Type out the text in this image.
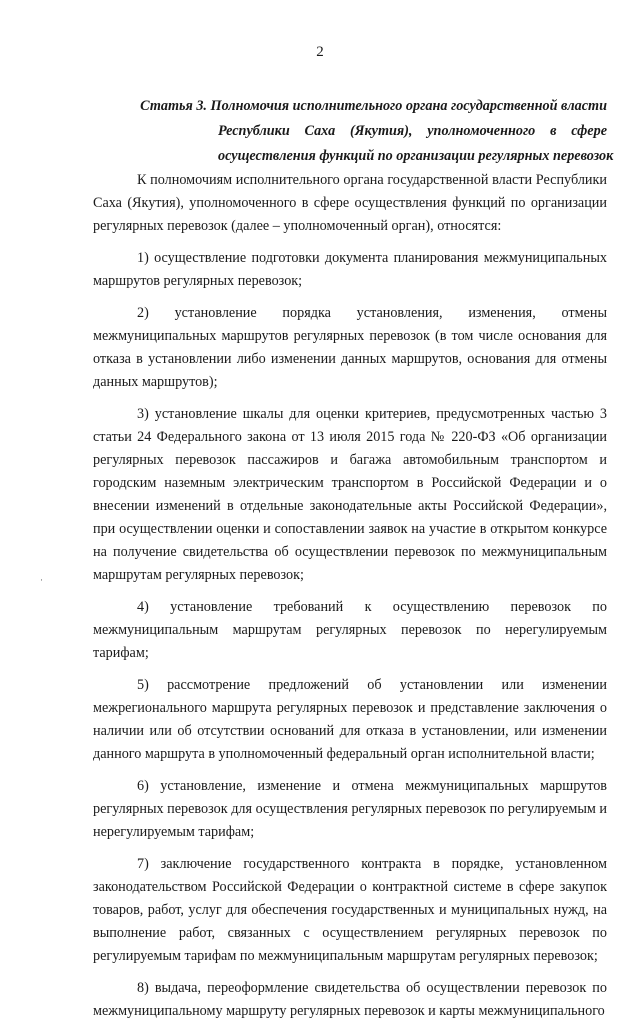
2
Статья 3. Полномочия исполнительного органа государственной власти
Республики Саха (Якутия), уполномоченного в сфере
осуществления функций по организации регулярных перевозок

К полномочиям исполнительного органа государственной власти Республики Саха (Якутия), уполномоченного в сфере осуществления функций по организации регулярных перевозок (далее – уполномоченный орган), относятся:

1) осуществление подготовки документа планирования межмуниципальных маршрутов регулярных перевозок;

2) установление порядка установления, изменения, отмены межмуниципальных маршрутов регулярных перевозок (в том числе основания для отказа в установлении либо изменении данных маршрутов, основания для отмены данных маршрутов);

3) установление шкалы для оценки критериев, предусмотренных частью 3 статьи 24 Федерального закона от 13 июля 2015 года № 220-ФЗ «Об организации регулярных перевозок пассажиров и багажа автомобильным транспортом и городским наземным электрическим транспортом в Российской Федерации и о внесении изменений в отдельные законодательные акты Российской Федерации», при осуществлении оценки и сопоставлении заявок на участие в открытом конкурсе на получение свидетельства об осуществлении перевозок по межмуниципальным маршрутам регулярных перевозок;

4) установление требований к осуществлению перевозок по межмуниципальным маршрутам регулярных перевозок по нерегулируемым тарифам;

5) рассмотрение предложений об установлении или изменении межрегионального маршрута регулярных перевозок и представление заключения о наличии или об отсутствии оснований для отказа в установлении, или изменении данного маршрута в уполномоченный федеральный орган исполнительной власти;

6) установление, изменение и отмена межмуниципальных маршрутов регулярных перевозок для осуществления регулярных перевозок по регулируемым и нерегулируемым тарифам;

7) заключение государственного контракта в порядке, установленном законодательством Российской Федерации о контрактной системе в сфере закупок товаров, работ, услуг для обеспечения государственных и муниципальных нужд, на выполнение работ, связанных с осуществлением регулярных перевозок по регулируемым тарифам по межмуниципальным маршрутам регулярных перевозок;

8) выдача, переоформление свидетельства об осуществлении перевозок по межмуниципальному маршруту регулярных перевозок и карты межмуниципального

·
